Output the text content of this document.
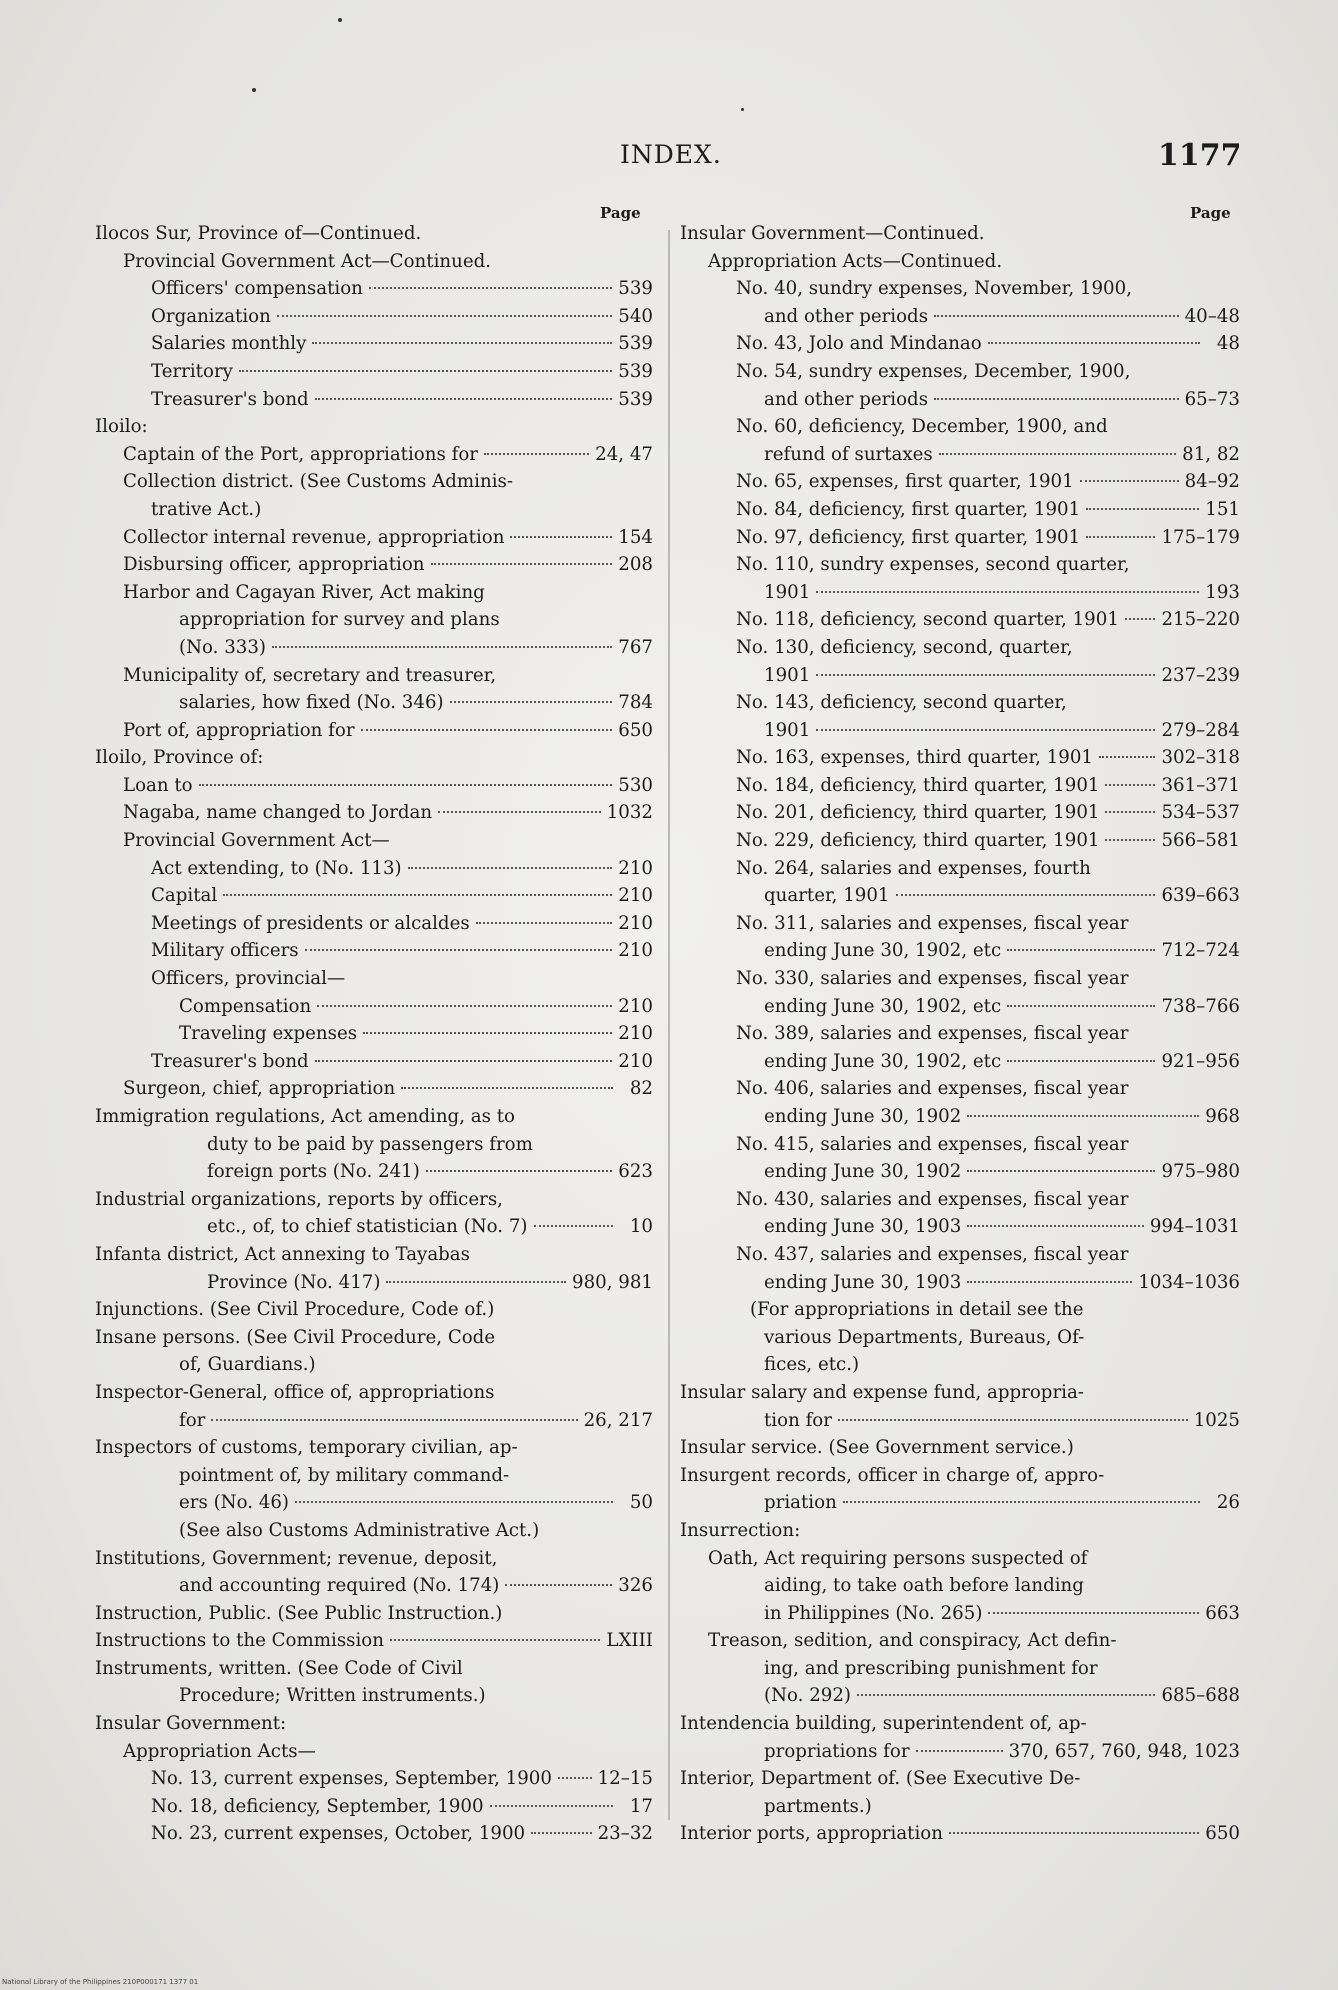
INDEX.	1177
Page	Page
Ilocos Sur, Province of—Continued.
Provincial Government Act—Continued.
Officers' compensation	539
Organization	540
Salaries monthly	539
Territory	539
Treasurer's bond	539
Iloilo:
Captain of the Port, appropriations for	24, 47
Collection district. (See Customs Adminis-
trative Act.)
Collector internal revenue, appropriation	154
Disbursing officer, appropriation	208
Harbor and Cagayan River, Act making
appropriation for survey and plans
(No. 333)	767
Municipality of, secretary and treasurer,
salaries, how fixed (No. 346)	784
Port of, appropriation for	650
Iloilo, Province of:
Loan to	530
Nagaba, name changed to Jordan	1032
Provincial Government Act—
Act extending, to (No. 113)	210
Capital	210
Meetings of presidents or alcaldes	210
Military officers	210
Officers, provincial—
Compensation	210
Traveling expenses	210
Treasurer's bond	210
Surgeon, chief, appropriation	82
Immigration regulations, Act amending, as to
duty to be paid by passengers from
foreign ports (No. 241)	623
Industrial organizations, reports by officers,
etc., of, to chief statistician (No. 7)	10
Infanta district, Act annexing to Tayabas
Province (No. 417)	980, 981
Injunctions. (See Civil Procedure, Code of.)
Insane persons. (See Civil Procedure, Code
of, Guardians.)
Inspector-General, office of, appropriations
for	26, 217
Inspectors of customs, temporary civilian, ap-
pointment of, by military command-
ers (No. 46)	50
(See also Customs Administrative Act.)
Institutions, Government; revenue, deposit,
and accounting required (No. 174)	326
Instruction, Public. (See Public Instruction.)
Instructions to the Commission	LXIII
Instruments, written. (See Code of Civil
Procedure; Written instruments.)
Insular Government:
Appropriation Acts—
No. 13, current expenses, September, 1900	12–15
No. 18, deficiency, September, 1900	17
No. 23, current expenses, October, 1900	23–32
Insular Government—Continued.
Appropriation Acts—Continued.
No. 40, sundry expenses, November, 1900,
and other periods	40–48
No. 43, Jolo and Mindanao	48
No. 54, sundry expenses, December, 1900,
and other periods	65–73
No. 60, deficiency, December, 1900, and
refund of surtaxes	81, 82
No. 65, expenses, first quarter, 1901	84–92
No. 84, deficiency, first quarter, 1901	151
No. 97, deficiency, first quarter, 1901	175–179
No. 110, sundry expenses, second quarter,
1901	193
No. 118, deficiency, second quarter, 1901 215–220
No. 130, deficiency, second, quarter,
1901	237–239
No. 143, deficiency, second quarter,
1901	279–284
No. 163, expenses, third quarter, 1901	302–318
No. 184, deficiency, third quarter, 1901	361–371
No. 201, deficiency, third quarter, 1901	534–537
No. 229, deficiency, third quarter, 1901	566–581
No. 264, salaries and expenses, fourth
quarter, 1901	639–663
No. 311, salaries and expenses, fiscal year
ending June 30, 1902, etc	712–724
No. 330, salaries and expenses, fiscal year
ending June 30, 1902, etc	738–766
No. 389, salaries and expenses, fiscal year
ending June 30, 1902, etc	921–956
No. 406, salaries and expenses, fiscal year
ending June 30, 1902	968
No. 415, salaries and expenses, fiscal year
ending June 30, 1902	975–980
No. 430, salaries and expenses, fiscal year
ending June 30, 1903	994–1031
No. 437, salaries and expenses, fiscal year
ending June 30, 1903	1034–1036
(For appropriations in detail see the
various Departments, Bureaus, Of-
fices, etc.)
Insular salary and expense fund, appropria-
tion for	1025
Insular service. (See Government service.)
Insurgent records, officer in charge of, appro-
priation	26
Insurrection:
Oath, Act requiring persons suspected of
aiding, to take oath before landing
in Philippines (No. 265)	663
Treason, sedition, and conspiracy, Act defin-
ing, and prescribing punishment for
(No. 292)	685–688
Intendencia building, superintendent of, ap-
propriations for	370, 657, 760, 948, 1023
Interior, Department of. (See Executive De-
partments.)
Interior ports, appropriation	650
National Library of the Philippines 210P000171 1377 01
